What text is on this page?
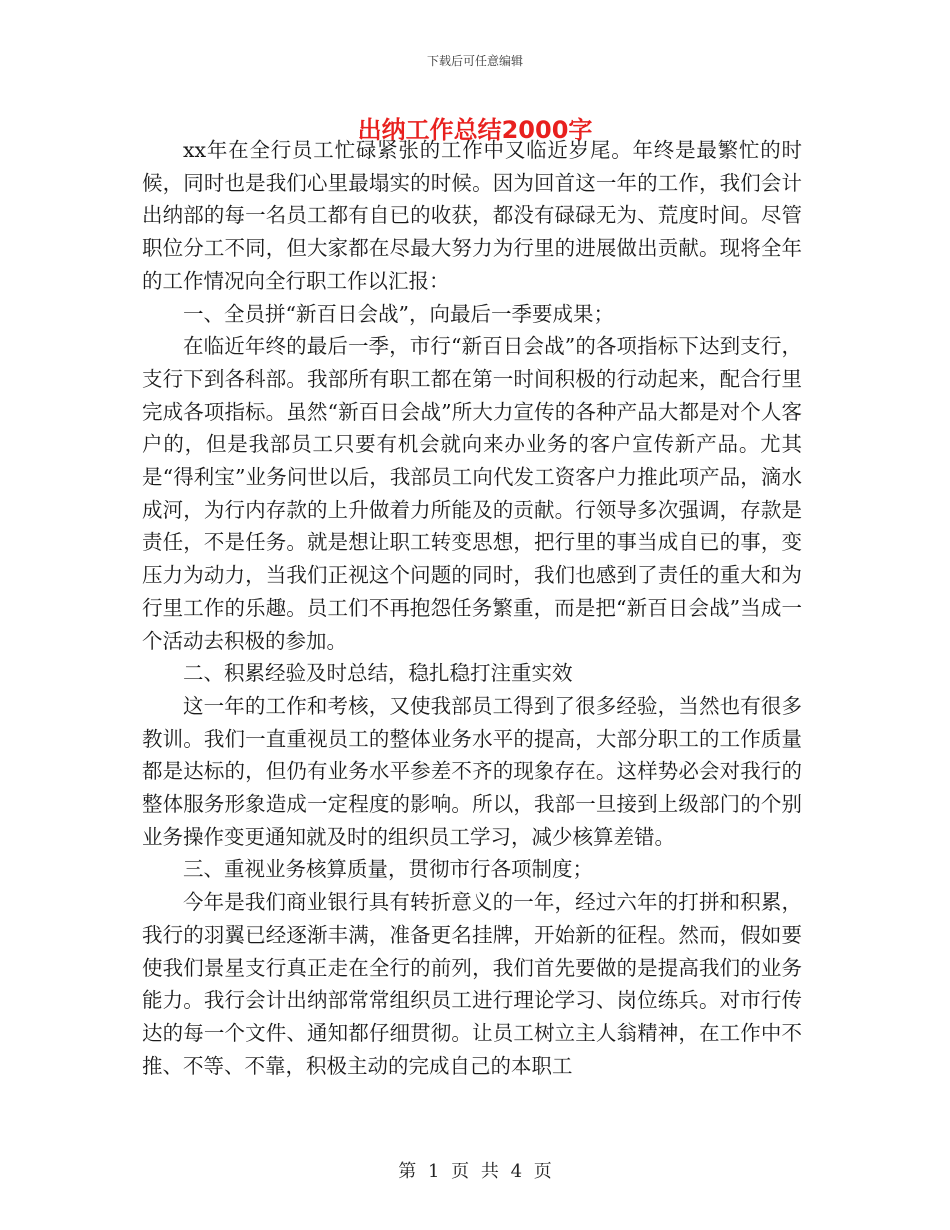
下载后可任意编辑
出纳工作总结2000字

xx年在全行员工忙碌紧张的工作中又临近岁尾。年终是最繁忙的时候，同时也是我们心里最塌实的时候。因为回首这一年的工作，我们会计出纳部的每一名员工都有自已的收获，都没有碌碌无为、荒度时间。尽管职位分工不同，但大家都在尽最大努力为行里的进展做出贡献。现将全年的工作情况向全行职工作以汇报：

一、全员拼“新百日会战”，向最后一季要成果；

在临近年终的最后一季，市行“新百日会战”的各项指标下达到支行，支行下到各科部。我部所有职工都在第一时间积极的行动起来，配合行里完成各项指标。虽然“新百日会战”所大力宣传的各种产品大都是对个人客户的，但是我部员工只要有机会就向来办业务的客户宣传新产品。尤其是“得利宝”业务问世以后，我部员工向代发工资客户力推此项产品，滴水成河，为行内存款的上升做着力所能及的贡献。行领导多次强调，存款是责任，不是任务。就是想让职工转变思想，把行里的事当成自已的事，变压力为动力，当我们正视这个问题的同时，我们也感到了责任的重大和为行里工作的乐趣。员工们不再抱怨任务繁重，而是把“新百日会战”当成一个活动去积极的参加。

二、积累经验及时总结，稳扎稳打注重实效

这一年的工作和考核，又使我部员工得到了很多经验，当然也有很多教训。我们一直重视员工的整体业务水平的提高，大部分职工的工作质量都是达标的，但仍有业务水平参差不齐的现象存在。这样势必会对我行的整体服务形象造成一定程度的影响。所以，我部一旦接到上级部门的个别业务操作变更通知就及时的组织员工学习，减少核算差错。

三、重视业务核算质量，贯彻市行各项制度；

今年是我们商业银行具有转折意义的一年，经过六年的打拼和积累，我行的羽翼已经逐渐丰满，准备更名挂牌，开始新的征程。然而，假如要使我们景星支行真正走在全行的前列，我们首先要做的是提高我们的业务能力。我行会计出纳部常常组织员工进行理论学习、岗位练兵。对市行传达的每一个文件、通知都仔细贯彻。让员工树立主人翁精神，在工作中不推、不等、不靠，积极主动的完成自己的本职工

第 1 页 共 4 页
